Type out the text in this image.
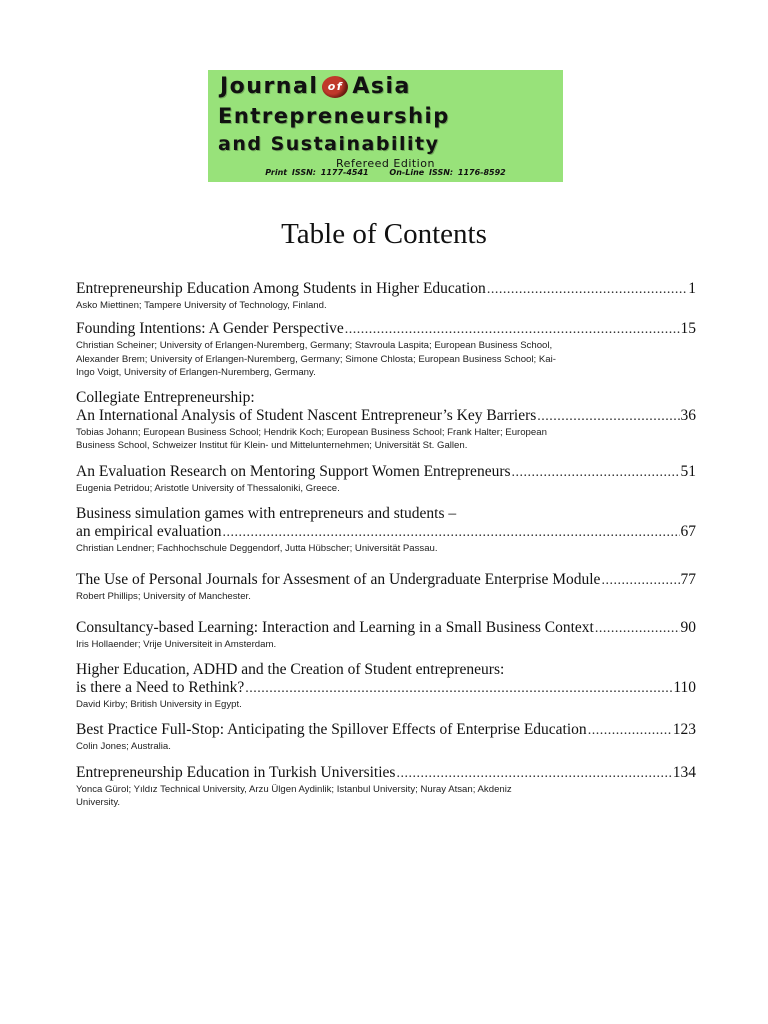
Journal of Asia
Entrepreneurship
and Sustainability
Refereed Edition
Print ISSN: 1177-4541	On-Line ISSN: 1176-8592
Table of Contents
Entrepreneurship Education Among Students in Higher Education .....	1
Asko Miettinen; Tampere University of Technology, Finland.
Founding Intentions: A Gender Perspective .....	15
Christian Scheiner; University of Erlangen-Nuremberg, Germany; Stavroula Laspita; European Business School, Alexander Brem; University of Erlangen-Nuremberg, Germany; Simone Chlosta; European Business School; Kai-Ingo Voigt, University of Erlangen-Nuremberg, Germany.
Collegiate Entrepreneurship:
An International Analysis of Student Nascent Entrepreneur’s Key Barriers .....	36
Tobias Johann; European Business School; Hendrik Koch; European Business School; Frank Halter; European Business School, Schweizer Institut für Klein- und Mittelunternehmen; Universität St. Gallen.
An Evaluation Research on Mentoring Support Women Entrepreneurs .....	51
Eugenia Petridou; Aristotle University of Thessaloniki, Greece.
Business simulation games with entrepreneurs and students –
an empirical evaluation .....	67
Christian Lendner; Fachhochschule Deggendorf, Jutta Hübscher; Universität Passau.
The Use of Personal Journals for Assesment of an Undergraduate Enterprise Module .....	77
Robert Phillips; University of Manchester.
Consultancy-based Learning: Interaction and Learning in a Small Business Context .....	90
Iris Hollaender; Vrije Universiteit in Amsterdam.
Higher Education, ADHD and the Creation of Student entrepreneurs:
is there a Need to Rethink? .....	110
David Kirby; British University in Egypt.
Best Practice Full-Stop: Anticipating the Spillover Effects of Enterprise Education .....	123
Colin Jones; Australia.
Entrepreneurship Education in Turkish Universities .....	134
Yonca Gürol; Yıldız Technical University, Arzu Ülgen Aydinlik; Istanbul University; Nuray Atsan; Akdeniz University.
